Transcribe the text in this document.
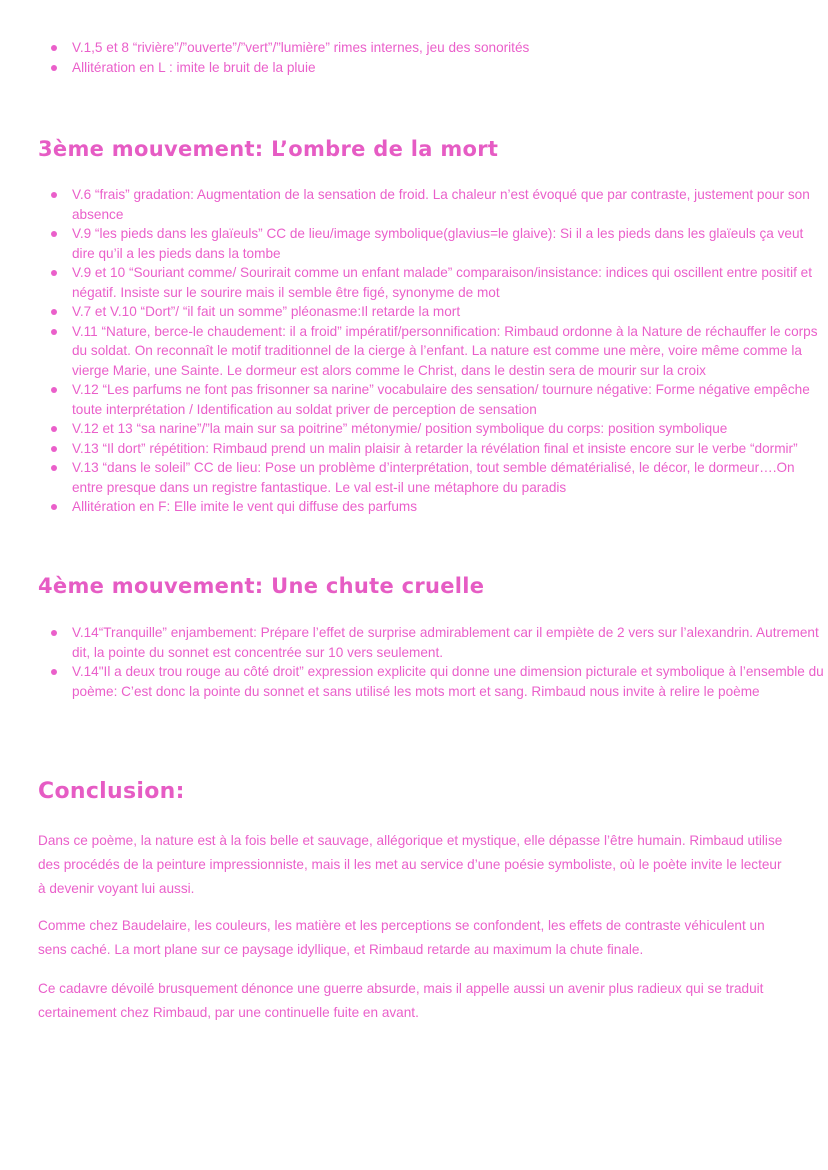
V.1,5 et 8 “rivière”/”ouverte”/”vert”/”lumière” rimes internes, jeu des sonorités
Allitération en L : imite le bruit de la pluie
3ème mouvement: L’ombre de la mort
V.6 “frais” gradation: Augmentation de la sensation de froid. La chaleur n’est évoqué que par contraste, justement pour son absence
V.9 “les pieds dans les glaïeuls” CC de lieu/image symbolique(glavius=le glaive): Si il a les pieds dans les glaïeuls ça veut dire qu’il a les pieds dans la tombe
V.9 et 10 “Souriant comme/ Sourirait comme un enfant malade” comparaison/insistance: indices qui oscillent entre positif et négatif. Insiste sur le sourire mais il semble être figé, synonyme de mot
V.7 et V.10 “Dort”/ “il fait un somme” pléonasme:Il retarde la mort
V.11 “Nature, berce-le chaudement: il a froid” impératif/personnification: Rimbaud ordonne à la Nature de réchauffer le corps du soldat. On reconnaît le motif traditionnel de la cierge à l’enfant. La nature est comme une mère, voire même comme la vierge Marie, une Sainte. Le dormeur est alors comme le Christ, dans le destin sera de mourir sur la croix
V.12 “Les parfums ne font pas frisonner sa narine” vocabulaire des sensation/ tournure négative: Forme négative empêche toute interprétation / Identification au soldat priver de perception de sensation
V.12 et 13 “sa narine”/”la main sur sa poitrine” métonymie/ position symbolique du corps: position symbolique
V.13 “Il dort” répétition: Rimbaud prend un malin plaisir à retarder la révélation final et insiste encore sur le verbe “dormir”
V.13 “dans le soleil” CC de lieu: Pose un problème d’interprétation, tout semble dématérialisé, le décor, le dormeur….On entre presque dans un registre fantastique. Le val est-il une métaphore du paradis
Allitération en F: Elle imite le vent qui diffuse des parfums
4ème mouvement: Une chute cruelle
V.14“Tranquille” enjambement: Prépare l’effet de surprise admirablement car il empiète de 2 vers sur l’alexandrin. Autrement dit, la pointe du sonnet est concentrée sur 10 vers seulement.
V.14"Il a deux trou rouge au côté droit” expression explicite qui donne une dimension picturale et symbolique à l’ensemble du poème: C’est donc la pointe du sonnet et sans utilisé les mots mort et sang. Rimbaud nous invite à relire le poème
Conclusion:

Dans ce poème, la nature est à la fois belle et sauvage, allégorique et mystique, elle dépasse l’être humain. Rimbaud utilise des procédés de la peinture impressionniste, mais il les met au service d’une poésie symboliste, où le poète invite le lecteur à devenir voyant lui aussi.

Comme chez Baudelaire, les couleurs, les matière et les perceptions se confondent, les effets de contraste véhiculent un sens caché. La mort plane sur ce paysage idyllique, et Rimbaud retarde au maximum la chute finale.

Ce cadavre dévoilé brusquement dénonce une guerre absurde, mais il appelle aussi un avenir plus radieux qui se traduit certainement chez Rimbaud, par une continuelle fuite en avant.
